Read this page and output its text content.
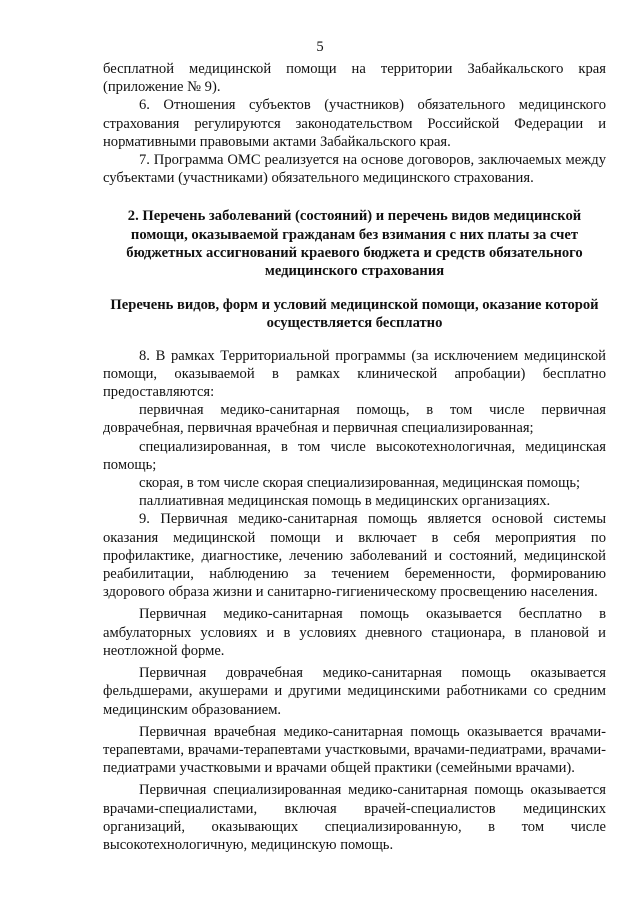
5

бесплатной медицинской помощи на территории Забайкальского края (приложение № 9).

6. Отношения субъектов (участников) обязательного медицинского страхования регулируются законодательством Российской Федерации и нормативными правовыми актами Забайкальского края.

7. Программа ОМС реализуется на основе договоров, заключаемых между субъектами (участниками) обязательного медицинского страхования.

2. Перечень заболеваний (состояний) и перечень видов медицинской помощи, оказываемой гражданам без взимания с них платы за счет бюджетных ассигнований краевого бюджета и средств обязательного медицинского страхования

Перечень видов, форм и условий медицинской помощи, оказание которой осуществляется бесплатно

8. В рамках Территориальной программы (за исключением медицинской помощи, оказываемой в рамках клинической апробации) бесплатно предоставляются:

первичная медико-санитарная помощь, в том числе первичная доврачебная, первичная врачебная и первичная специализированная;

специализированная, в том числе высокотехнологичная, медицинская помощь;

скорая, в том числе скорая специализированная, медицинская помощь;

паллиативная медицинская помощь в медицинских организациях.

9. Первичная медико-санитарная помощь является основой системы оказания медицинской помощи и включает в себя мероприятия по профилактике, диагностике, лечению заболеваний и состояний, медицинской реабилитации, наблюдению за течением беременности, формированию здорового образа жизни и санитарно-гигиеническому просвещению населения.

Первичная медико-санитарная помощь оказывается бесплатно в амбулаторных условиях и в условиях дневного стационара, в плановой и неотложной форме.

Первичная доврачебная медико-санитарная помощь оказывается фельдшерами, акушерами и другими медицинскими работниками со средним медицинским образованием.

Первичная врачебная медико-санитарная помощь оказывается врачами-терапевтами, врачами-терапевтами участковыми, врачами-педиатрами, врачами-педиатрами участковыми и врачами общей практики (семейными врачами).

Первичная специализированная медико-санитарная помощь оказывается врачами-специалистами, включая врачей-специалистов медицинских организаций, оказывающих специализированную, в том числе высокотехнологичную, медицинскую помощь.
